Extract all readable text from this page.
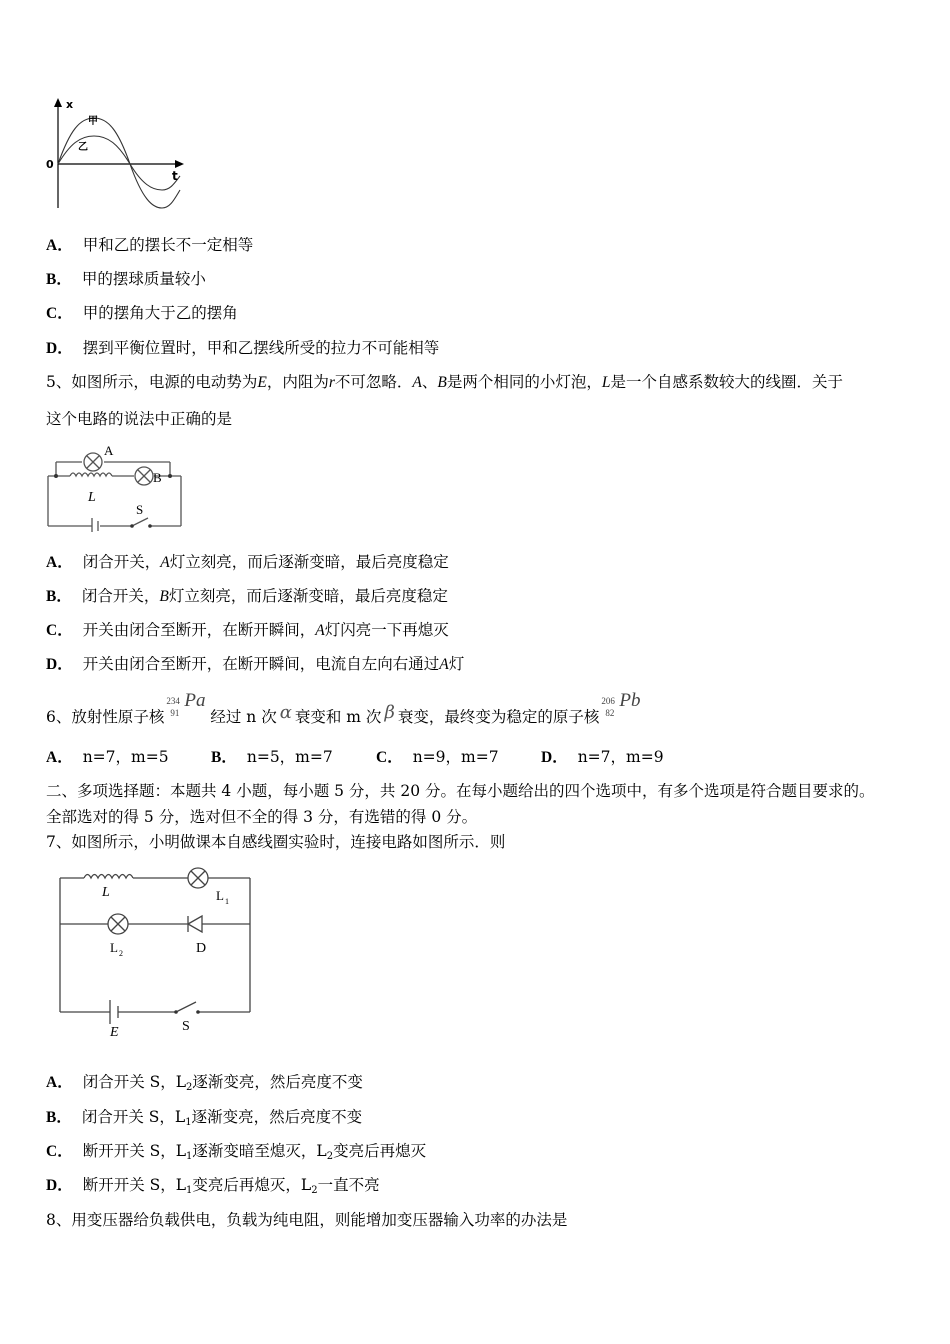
x
0
t
甲
乙
A． 甲和乙的摆长不一定相等
B． 甲的摆球质量较小
C． 甲的摆角大于乙的摆角
D． 摆到平衡位置时，甲和乙摆线所受的拉力不可能相等
5、如图所示，电源的电动势为E，内阻为r不可忽略．A、B是两个相同的小灯泡，L是一个自感系数较大的线圈．关于
这个电路的说法中正确的是
A
B
L
S
A． 闭合开关，A灯立刻亮，而后逐渐变暗，最后亮度稳定
B． 闭合开关，B灯立刻亮，而后逐渐变暗，最后亮度稳定
C． 开关由闭合至断开，在断开瞬间，A灯闪亮一下再熄灭
D． 开关由闭合至断开，在断开瞬间，电流自左向右通过A灯
6、放射性原子核
234
91
Pa
经过 n 次 α 衰变和 m 次 β 衰变，最终变为稳定的原子核
206
82
Pb
A． n=7，m=5	B． n=5，m=7	C． n=9，m=7	D． n=7，m=9
二、多项选择题：本题共 4 小题，每小题 5 分，共 20 分。在每小题给出的四个选项中，有多个选项是符合题目要求的。
全部选对的得 5 分，选对但不全的得 3 分，有选错的得 0 分。
7、如图所示，小明做课本自感线圈实验时，连接电路如图所示．则
L	L 1
L 2	D
E	S
A． 闭合开关 S，$L_2$逐渐变亮，然后亮度不变
B． 闭合开关 S，$L_1$逐渐变亮，然后亮度不变
C． 断开开关 S，$L_1$逐渐变暗至熄灭，$L_2$变亮后再熄灭
D． 断开开关 S，$L_1$变亮后再熄灭，$L_2$一直不亮
8、用变压器给负载供电，负载为纯电阻，则能增加变压器输入功率的办法是
